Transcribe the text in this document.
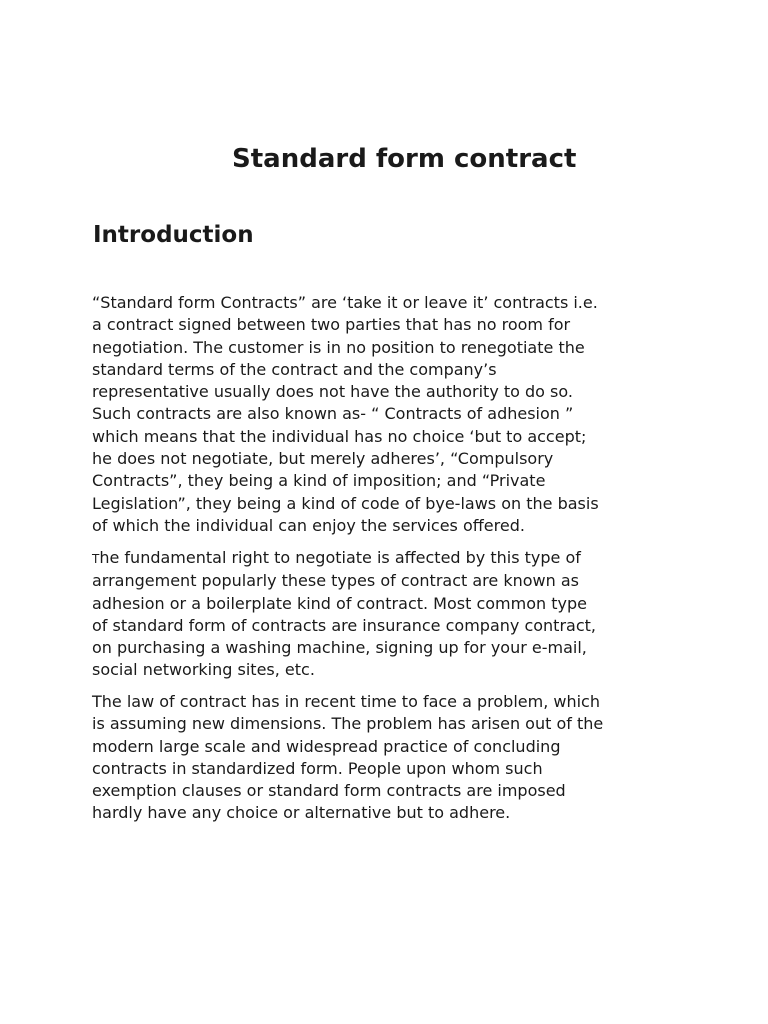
Standard form contract
Introduction

“Standard form Contracts” are ‘take it or leave it’ contracts i.e.
a contract signed between two parties that has no room for
negotiation. The customer is in no position to renegotiate the
standard terms of the contract and the company’s
representative usually does not have the authority to do so.
Such contracts are also known as- “ Contracts of adhesion ”
which means that the individual has no choice ‘but to accept;
he does not negotiate, but merely adheres’, “Compulsory
Contracts”, they being a kind of imposition; and “Private
Legislation”, they being a kind of code of bye-laws on the basis
of which the individual can enjoy the services offered.

The fundamental right to negotiate is affected by this type of
arrangement popularly these types of contract are known as
adhesion or a boilerplate kind of contract. Most common type
of standard form of contracts are insurance company contract,
on purchasing a washing machine, signing up for your e-mail,
social networking sites, etc.

The law of contract has in recent time to face a problem, which
is assuming new dimensions. The problem has arisen out of the
modern large scale and widespread practice of concluding
contracts in standardized form. People upon whom such
exemption clauses or standard form contracts are imposed
hardly have any choice or alternative but to adhere.
